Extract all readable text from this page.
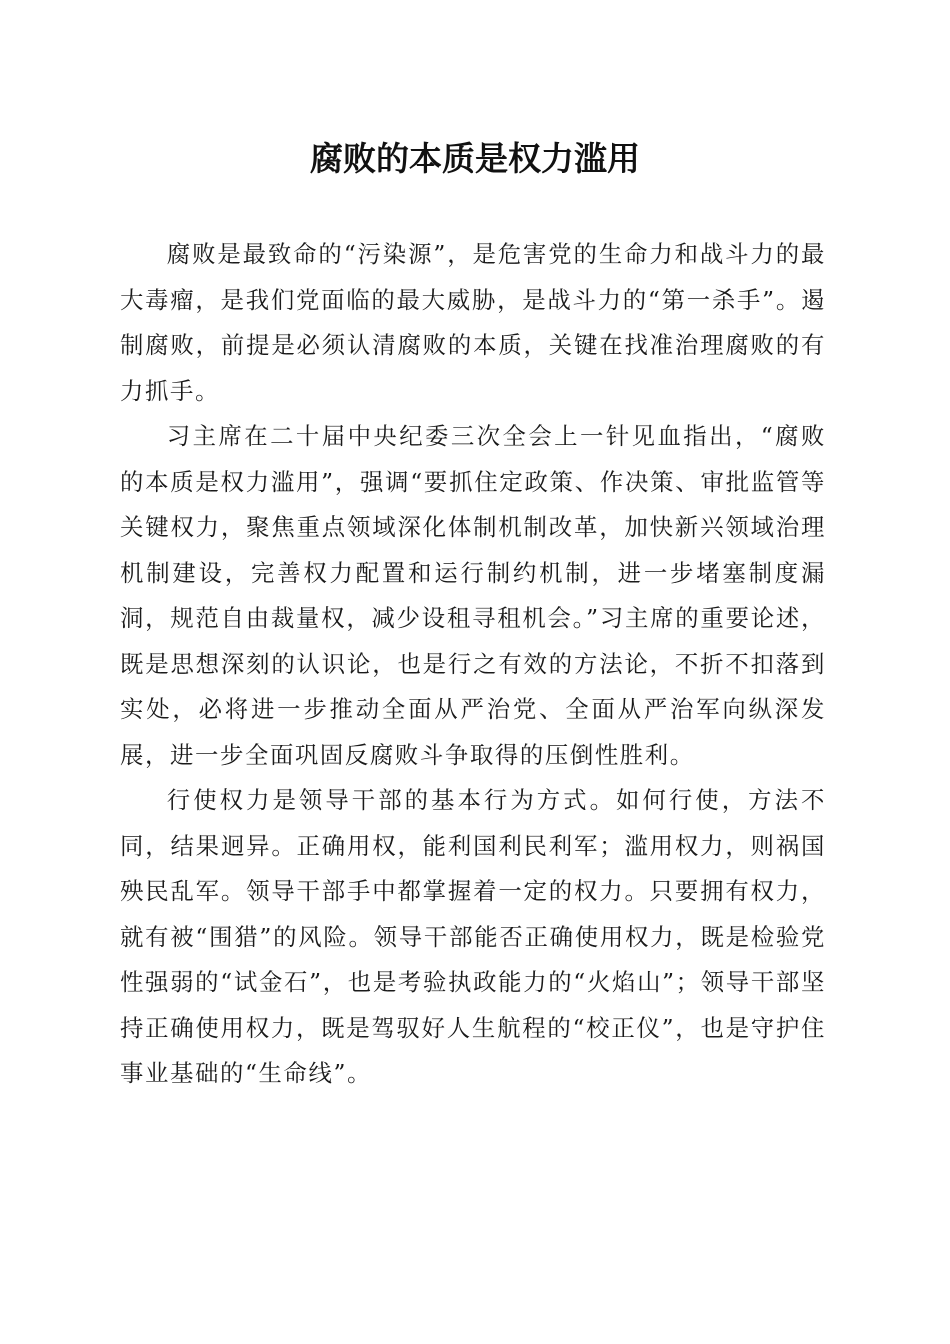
腐败的本质是权力滥用

腐败是最致命的“污染源”，是危害党的生命力和战斗力的最大毒瘤，是我们党面临的最大威胁，是战斗力的“第一杀手”。遏制腐败，前提是必须认清腐败的本质，关键在找准治理腐败的有力抓手。

习主席在二十届中央纪委三次全会上一针见血指出，“腐败的本质是权力滥用”，强调“要抓住定政策、作决策、审批监管等关键权力，聚焦重点领域深化体制机制改革，加快新兴领域治理机制建设，完善权力配置和运行制约机制，进一步堵塞制度漏洞，规范自由裁量权，减少设租寻租机会。”习主席的重要论述，既是思想深刻的认识论，也是行之有效的方法论，不折不扣落到实处，必将进一步推动全面从严治党、全面从严治军向纵深发展，进一步全面巩固反腐败斗争取得的压倒性胜利。

行使权力是领导干部的基本行为方式。如何行使，方法不同，结果迥异。正确用权，能利国利民利军；滥用权力，则祸国殃民乱军。领导干部手中都掌握着一定的权力。只要拥有权力，就有被“围猎”的风险。领导干部能否正确使用权力，既是检验党性强弱的“试金石”，也是考验执政能力的“火焰山”；领导干部坚持正确使用权力，既是驾驭好人生航程的“校正仪”，也是守护住事业基础的“生命线”。
